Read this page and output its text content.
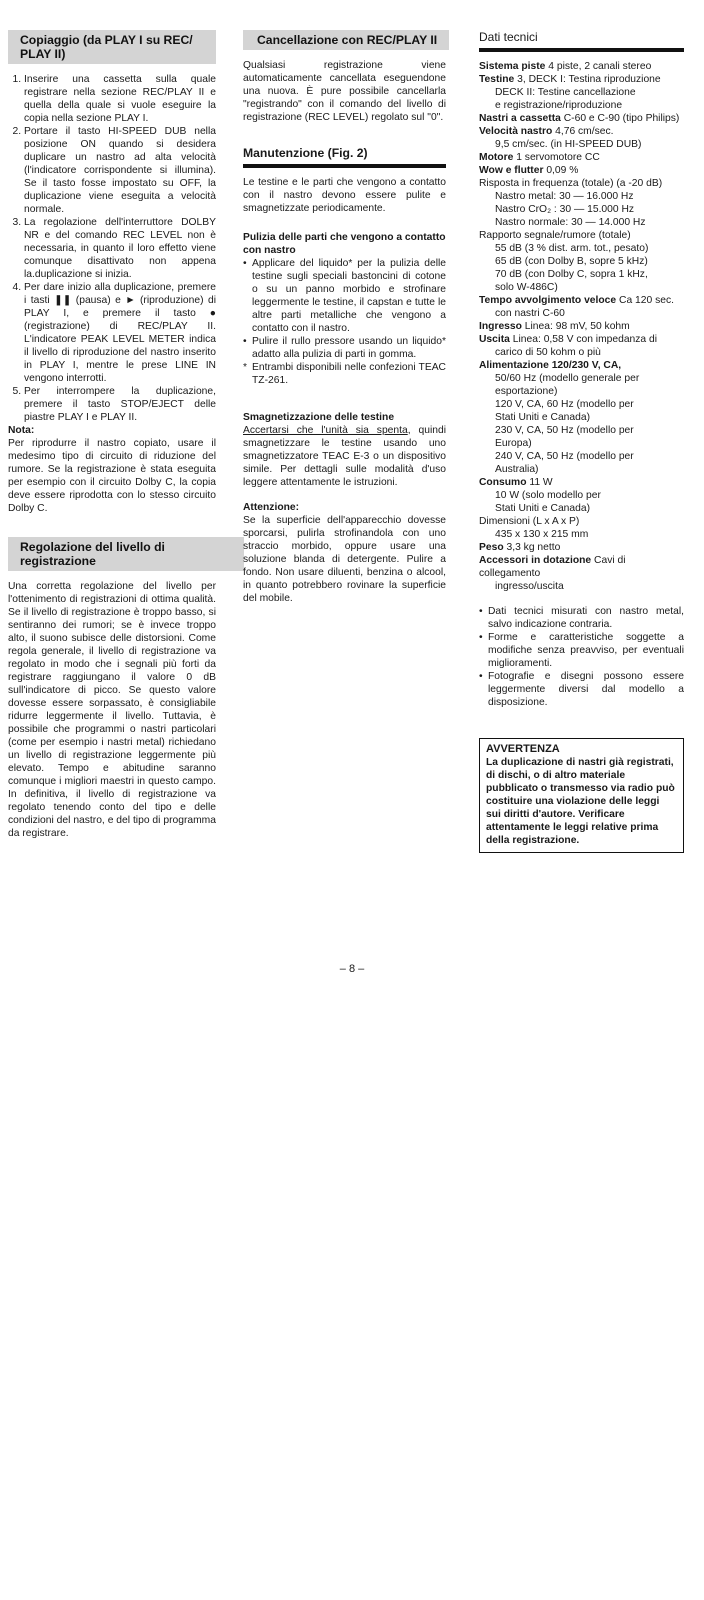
Copiaggio (da PLAY I su REC/ PLAY II)
1. Inserire una cassetta sulla quale registrare nella sezione REC/PLAY II e quella della quale si vuole eseguire la copia nella sezione PLAY I.
2. Portare il tasto HI-SPEED DUB nella posizione ON quando si desidera duplicare un nastro ad alta velocità (l'indicatore corrispondente si illumina). Se il tasto fosse impostato su OFF, la duplicazione viene eseguita a velocità normale.
3. La regolazione dell'interruttore DOLBY NR e del comando REC LEVEL non è necessaria, in quanto il loro effetto viene comunque disattivato non appena la.duplicazione si inizia.
4. Per dare inizio alla duplicazione, premere i tasti ❚❚ (pausa) e ► (riproduzione) di PLAY I, e premere il tasto ● (registrazione) di REC/PLAY II. L'indicatore PEAK LEVEL METER indica il livello di riproduzione del nastro inserito in PLAY I, mentre le prese LINE IN vengono interrotti.
5. Per interrompere la duplicazione, premere il tasto STOP/EJECT delle piastre PLAY I e PLAY II.

Nota:

Per riprodurre il nastro copiato, usare il medesimo tipo di circuito di riduzione del rumore. Se la registrazione è stata eseguita per esempio con il circuito Dolby C, la copia deve essere riprodotta con lo stesso circuito Dolby C.

Regolazione del livello di registrazione

Una corretta regolazione del livello per l'ottenimento di registrazioni di ottima qualità. Se il livello di registrazione è troppo basso, si sentiranno dei rumori; se è invece troppo alto, il suono subisce delle distorsioni. Come regola generale, il livello di registrazione va regolato in modo che i segnali più forti da registrare raggiungano il valore 0 dB sull'indicatore di picco. Se questo valore dovesse essere sorpassato, è consigliabile ridurre leggermente il livello. Tuttavia, è possibile che programmi o nastri particolari (come per esempio i nastri metal) richiedano un livello di registrazione leggermente più elevato. Tempo e abitudine saranno comunque i migliori maestri in questo campo. In definitiva, il livello di registrazione va regolato tenendo conto del tipo e delle condizioni del nastro, e del tipo di programma da registrare.

Cancellazione con REC/PLAY II

Qualsiasi registrazione viene automaticamente cancellata eseguendone una nuova. È pure possibile cancellarla "registrando" con il comando del livello di registrazione (REC LEVEL) regolato sul "0".

Manutenzione (Fig. 2)

Le testine e le parti che vengono a contatto con il nastro devono essere pulite e smagnetizzate periodicamente.

Pulizia delle parti che vengono a contatto con nastro

• Applicare del liquido* per la pulizia delle testine sugli speciali bastoncini di cotone o su un panno morbido e strofinare leggermente le testine, il capstan e tutte le altre parti metalliche che vengono a contatto con il nastro.
• Pulire il rullo pressore usando un liquido* adatto alla pulizia di parti in gomma.
* Entrambi disponibili nelle confezioni TEAC TZ-261.

Smagnetizzazione delle testine

Accertarsi che l'unità sia spenta, quindi smagnetizzare le testine usando uno smagnetizzatore TEAC E-3 o un dispositivo simile. Per dettagli sulle modalità d'uso leggere attentamente le istruzioni.

Attenzione:

Se la superficie dell'apparecchio dovesse sporcarsi, pulirla strofinandola con uno straccio morbido, oppure usare una soluzione blanda di detergente. Pulire a fondo. Non usare diluenti, benzina o alcool, in quanto potrebbero rovinare la superficie del mobile.

Dati tecnici

Sistema piste 4 piste, 2 canali stereo

Testine 3, DECK I: Testina riproduzione

DECK II: Testine cancellazione

e registrazione/riproduzione

Nastri a cassetta C-60 e C-90 (tipo Philips)

Velocità nastro 4,76 cm/sec.

9,5 cm/sec. (in HI-SPEED DUB)

Motore 1 servomotore CC

Wow e flutter 0,09 %

Risposta in frequenza (totale) (a -20 dB)

Nastro metal: 30 — 16.000 Hz

Nastro CrO₂ : 30 — 15.000 Hz

Nastro normale: 30 — 14.000 Hz

Rapporto segnale/rumore (totale)

55 dB (3 % dist. arm. tot., pesato)

65 dB (con Dolby B, sopre 5 kHz)

70 dB (con Dolby C, sopra 1 kHz,

solo W-486C)

Tempo avvolgimento veloce Ca 120 sec.

con nastri C-60

Ingresso Linea: 98 mV, 50 kohm

Uscita Linea: 0,58 V con impedanza di

carico di 50 kohm o più

Alimentazione 120/230 V, CA,

50/60 Hz (modello generale per

esportazione)

120 V, CA, 60 Hz (modello per

Stati Uniti e Canada)

230 V, CA, 50 Hz (modello per

Europa)

240 V, CA, 50 Hz (modello per

Australia)

Consumo 11 W

10 W (solo modello per

Stati Uniti e Canada)

Dimensioni (L x A x P)

435 x 130 x 215 mm

Peso 3,3 kg netto

Accessori in dotazione Cavi di collegamento

ingresso/uscita

• Dati tecnici misurati con nastro metal, salvo indicazione contraria.
• Forme e caratteristiche soggette a modifiche senza preavviso, per eventuali miglioramenti.
• Fotografie e disegni possono essere leggermente diversi dal modello a disposizione.
AVVERTENZA
La duplicazione di nastri già registrati, di dischi, o di altro materiale pubblicato o transmesso via radio può costituire una violazione delle leggi sui diritti d'autore. Verificare attentamente le leggi relative prima della registrazione.
– 8 –
